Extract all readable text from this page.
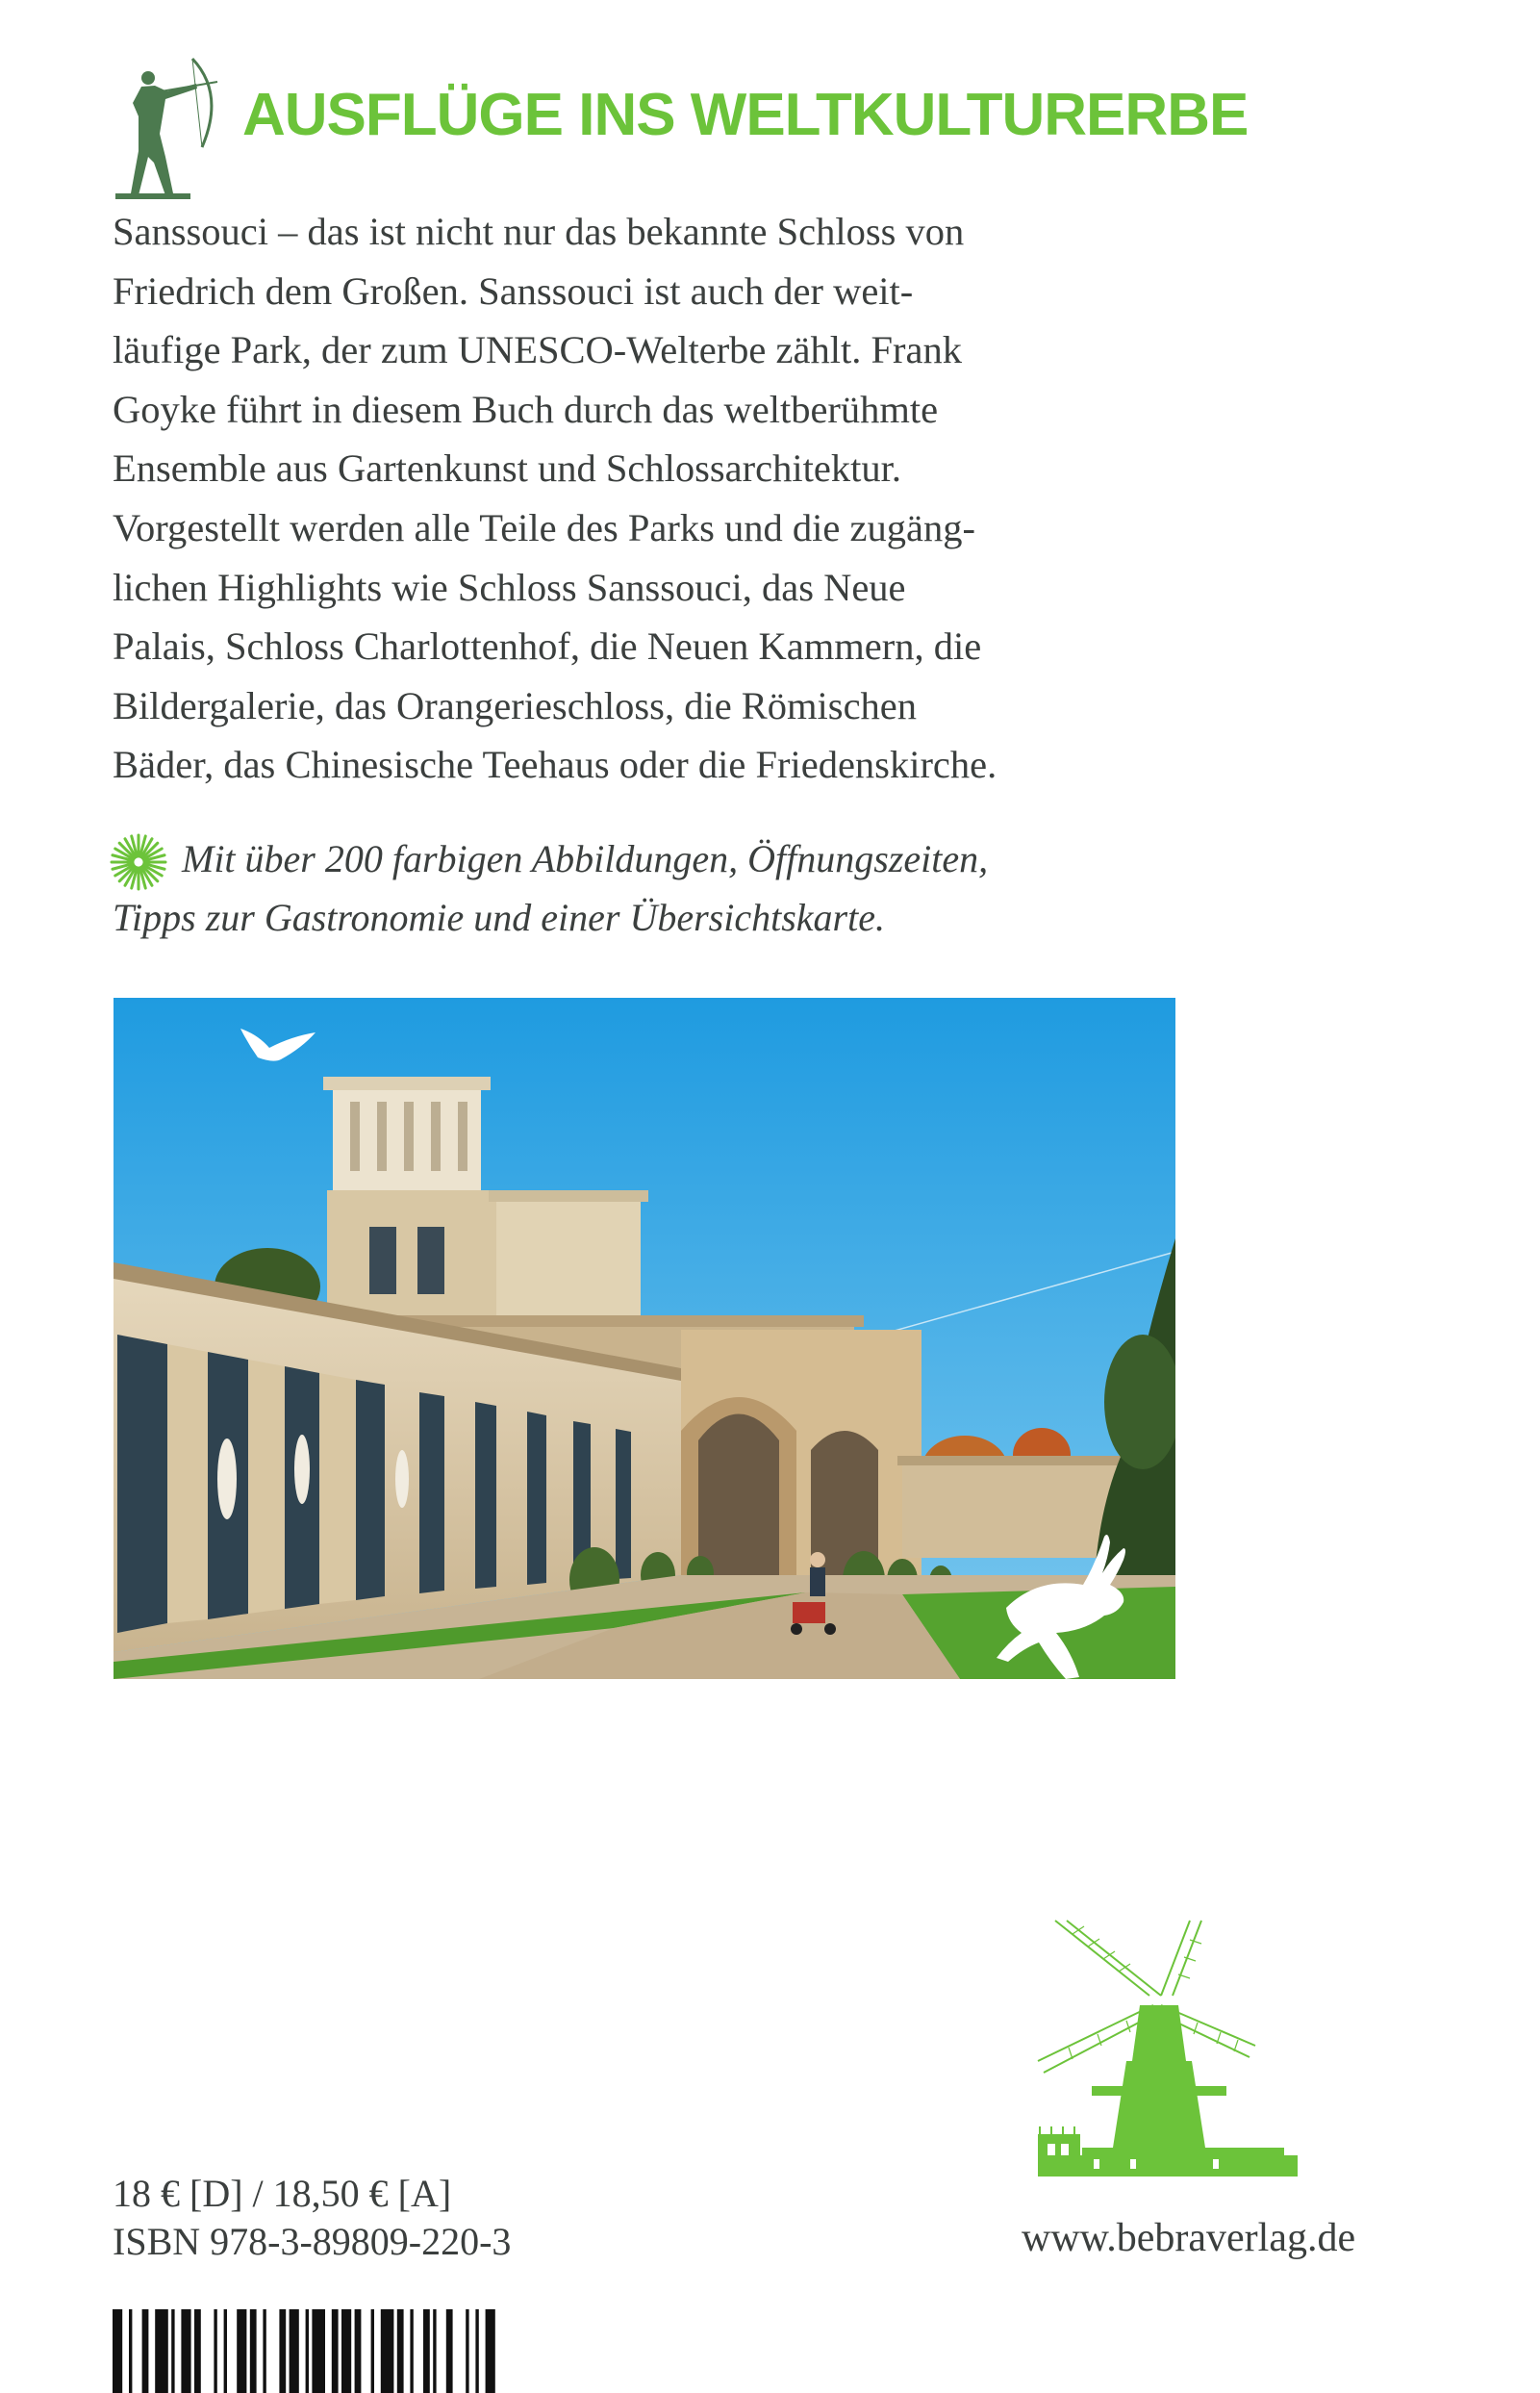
AUSFLÜGE INS WELTKULTURERBE

Sanssouci – das ist nicht nur das bekannte Schloss von
Friedrich dem Großen. Sanssouci ist auch der weit-
läufige Park, der zum UNESCO-Welterbe zählt. Frank
Goyke führt in diesem Buch durch das weltberühmte
Ensemble aus Gartenkunst und Schlossarchitektur.
Vorgestellt werden alle Teile des Parks und die zugäng-
lichen Highlights wie Schloss Sanssouci, das Neue
Palais, Schloss Charlottenhof, die Neuen Kammern, die
Bildergalerie, das Orangerieschloss, die Römischen
Bäder, das Chinesische Teehaus oder die Friedenskirche.

Mit über 200 farbigen Abbildungen, Öffnungszeiten,
Tipps zur Gastronomie und einer Übersichtskarte.

18 € [D] / 18,50 € [A]

ISBN 978-3-89809-220-3	www.bebraverlag.de
